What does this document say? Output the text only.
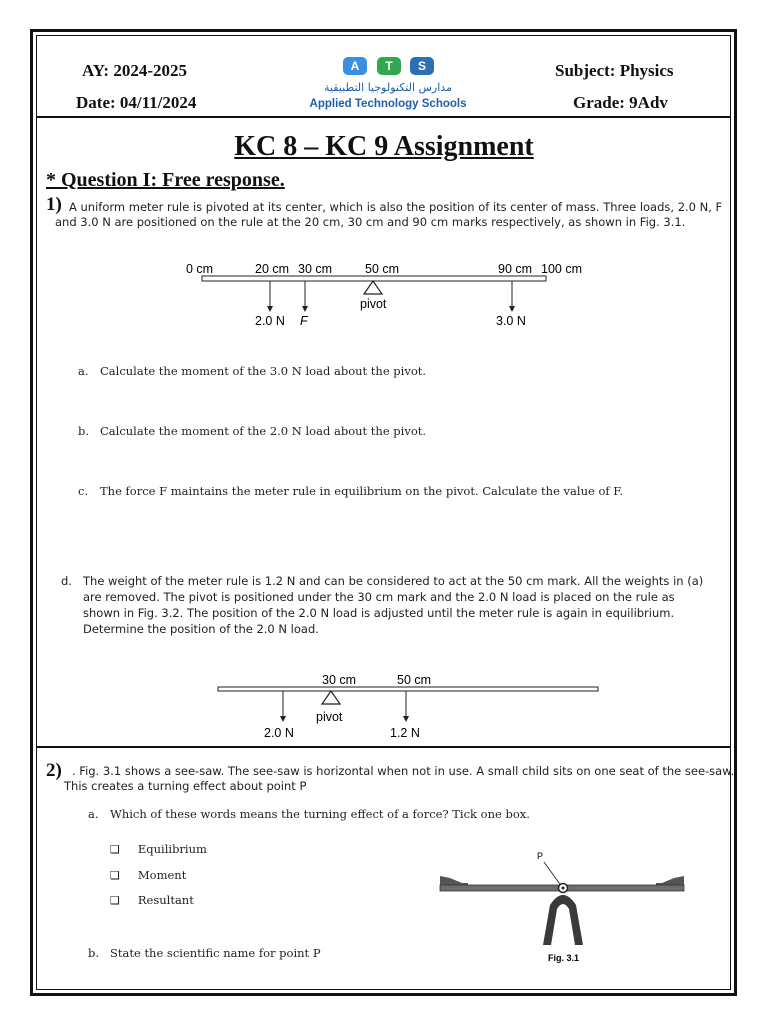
AY: 2024-2025
Date: 04/11/2024
Subject: Physics
Grade: 9Adv
A	T	S
مدارس التكنولوجيا التطبيقية
Applied Technology Schools
KC 8 – KC 9 Assignment
* Question I: Free response.
1) A uniform meter rule is pivoted at its center, which is also the position of its center of mass. Three loads, 2.0 N, F
and 3.0 N are positioned on the rule at the 20 cm, 30 cm and 90 cm marks respectively, as shown in Fig. 3.1.
0 cm	20 cm 30 cm	50 cm	90 cm 100 cm
pivot
2.0 N F	3.0 N
a. Calculate the moment of the 3.0 N load about the pivot.
b. Calculate the moment of the 2.0 N load about the pivot.
c. The force F maintains the meter rule in equilibrium on the pivot. Calculate the value of F.
d. The weight of the meter rule is 1.2 N and can be considered to act at the 50 cm mark. All the weights in (a)
are removed. The pivot is positioned under the 30 cm mark and the 2.0 N load is placed on the rule as
shown in Fig. 3.2. The position of the 2.0 N load is adjusted until the meter rule is again in equilibrium.
Determine the position of the 2.0 N load.
30 cm	50 cm
pivot
2.0 N	1.2 N
2) . Fig. 3.1 shows a see-saw. The see-saw is horizontal when not in use. A small child sits on one seat of the see-saw.
This creates a turning effect about point P
a. Which of these words means the turning effect of a force? Tick one box.
❑ Equilibrium
❑ Moment
❑ Resultant
b. State the scientific name for point P
P
Fig. 3.1
